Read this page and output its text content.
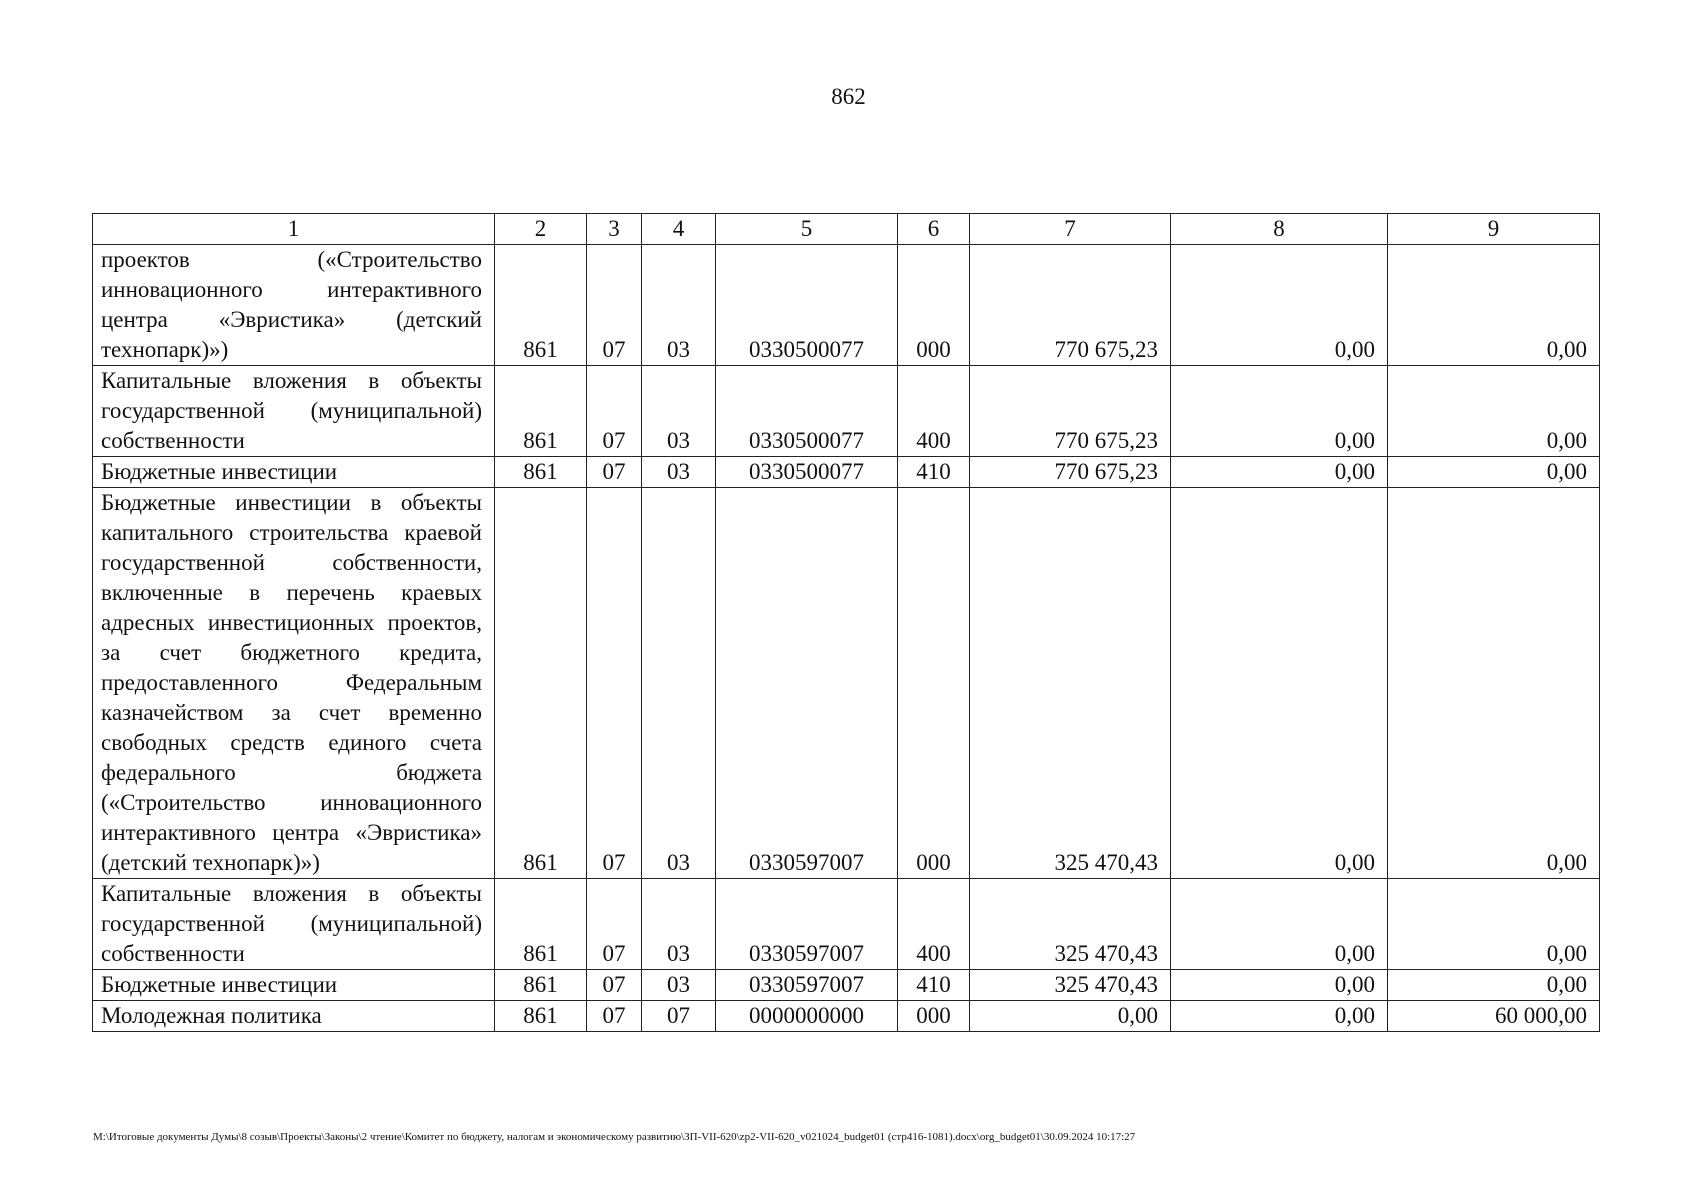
862
1	2	3	4	5	6	7	8	9
проектов («Строительство инновационного интерактивного центра «Эвристика» (детский технопарк)»)	861	07	03	0330500077	000	770 675,23	0,00	0,00
Капитальные вложения в объекты государственной (муниципальной) собственности	861	07	03	0330500077	400	770 675,23	0,00	0,00
Бюджетные инвестиции	861	07	03	0330500077	410	770 675,23	0,00	0,00
Бюджетные инвестиции в объекты капитального строительства краевой государственной собственности, включенные в перечень краевых адресных инвестиционных проектов, за счет бюджетного кредита, предоставленного Федеральным казначейством за счет временно свободных средств единого счета федерального бюджета («Строительство инновационного интерактивного центра «Эвристика» (детский технопарк)»)	861	07	03	0330597007	000	325 470,43	0,00	0,00
Капитальные вложения в объекты государственной (муниципальной) собственности	861	07	03	0330597007	400	325 470,43	0,00	0,00
Бюджетные инвестиции	861	07	03	0330597007	410	325 470,43	0,00	0,00
Молодежная политика	861	07	07	0000000000	000	0,00	0,00	60 000,00
M:\Итоговые документы Думы\8 созыв\Проекты\Законы\2 чтение\Комитет по бюджету, налогам и экономическому развитию\ЗП-VII-620\zp2-VII-620_v021024_budget01 (стр416-1081).docx\org_budget01\30.09.2024 10:17:27
